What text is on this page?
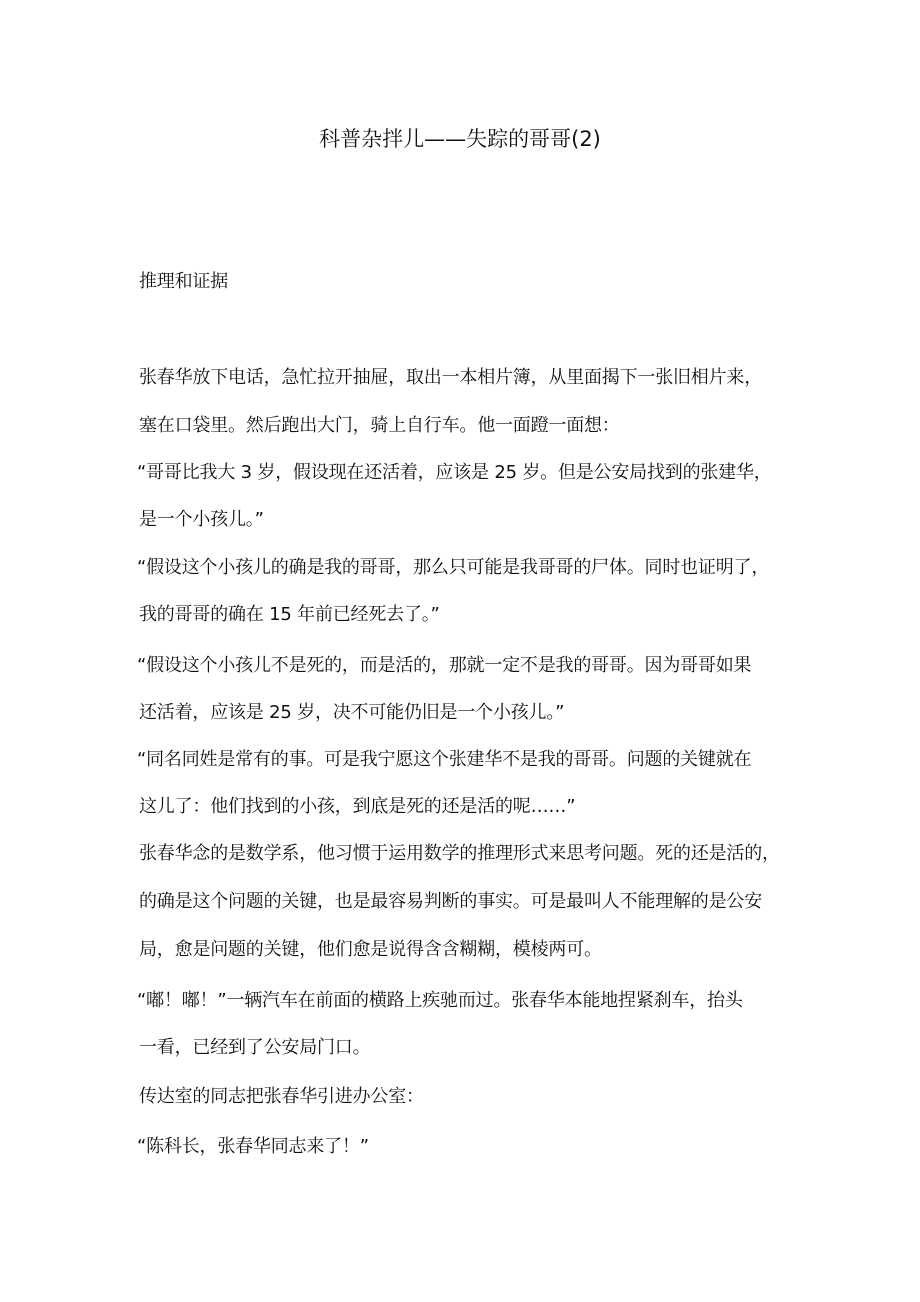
科普杂拌儿——失踪的哥哥(2)
推理和证据
张春华放下电话，急忙拉开抽屉，取出一本相片簿，从里面揭下一张旧相片来，
塞在口袋里。然后跑出大门，骑上自行车。他一面蹬一面想：
“哥哥比我大 3 岁，假设现在还活着，应该是 25 岁。但是公安局找到的张建华，
是一个小孩儿。”
“假设这个小孩儿的确是我的哥哥，那么只可能是我哥哥的尸体。同时也证明了，
我的哥哥的确在 15 年前已经死去了。”
“假设这个小孩儿不是死的，而是活的，那就一定不是我的哥哥。因为哥哥如果
还活着，应该是 25 岁，决不可能仍旧是一个小孩儿。”
“同名同姓是常有的事。可是我宁愿这个张建华不是我的哥哥。问题的关键就在
这儿了：他们找到的小孩，到底是死的还是活的呢……”
张春华念的是数学系，他习惯于运用数学的推理形式来思考问题。死的还是活的，
的确是这个问题的关键，也是最容易判断的事实。可是最叫人不能理解的是公安
局，愈是问题的关键，他们愈是说得含含糊糊，模棱两可。
“嘟！嘟！”一辆汽车在前面的横路上疾驰而过。张春华本能地捏紧刹车，抬头
一看，已经到了公安局门口。
传达室的同志把张春华引进办公室：
“陈科长，张春华同志来了！”
